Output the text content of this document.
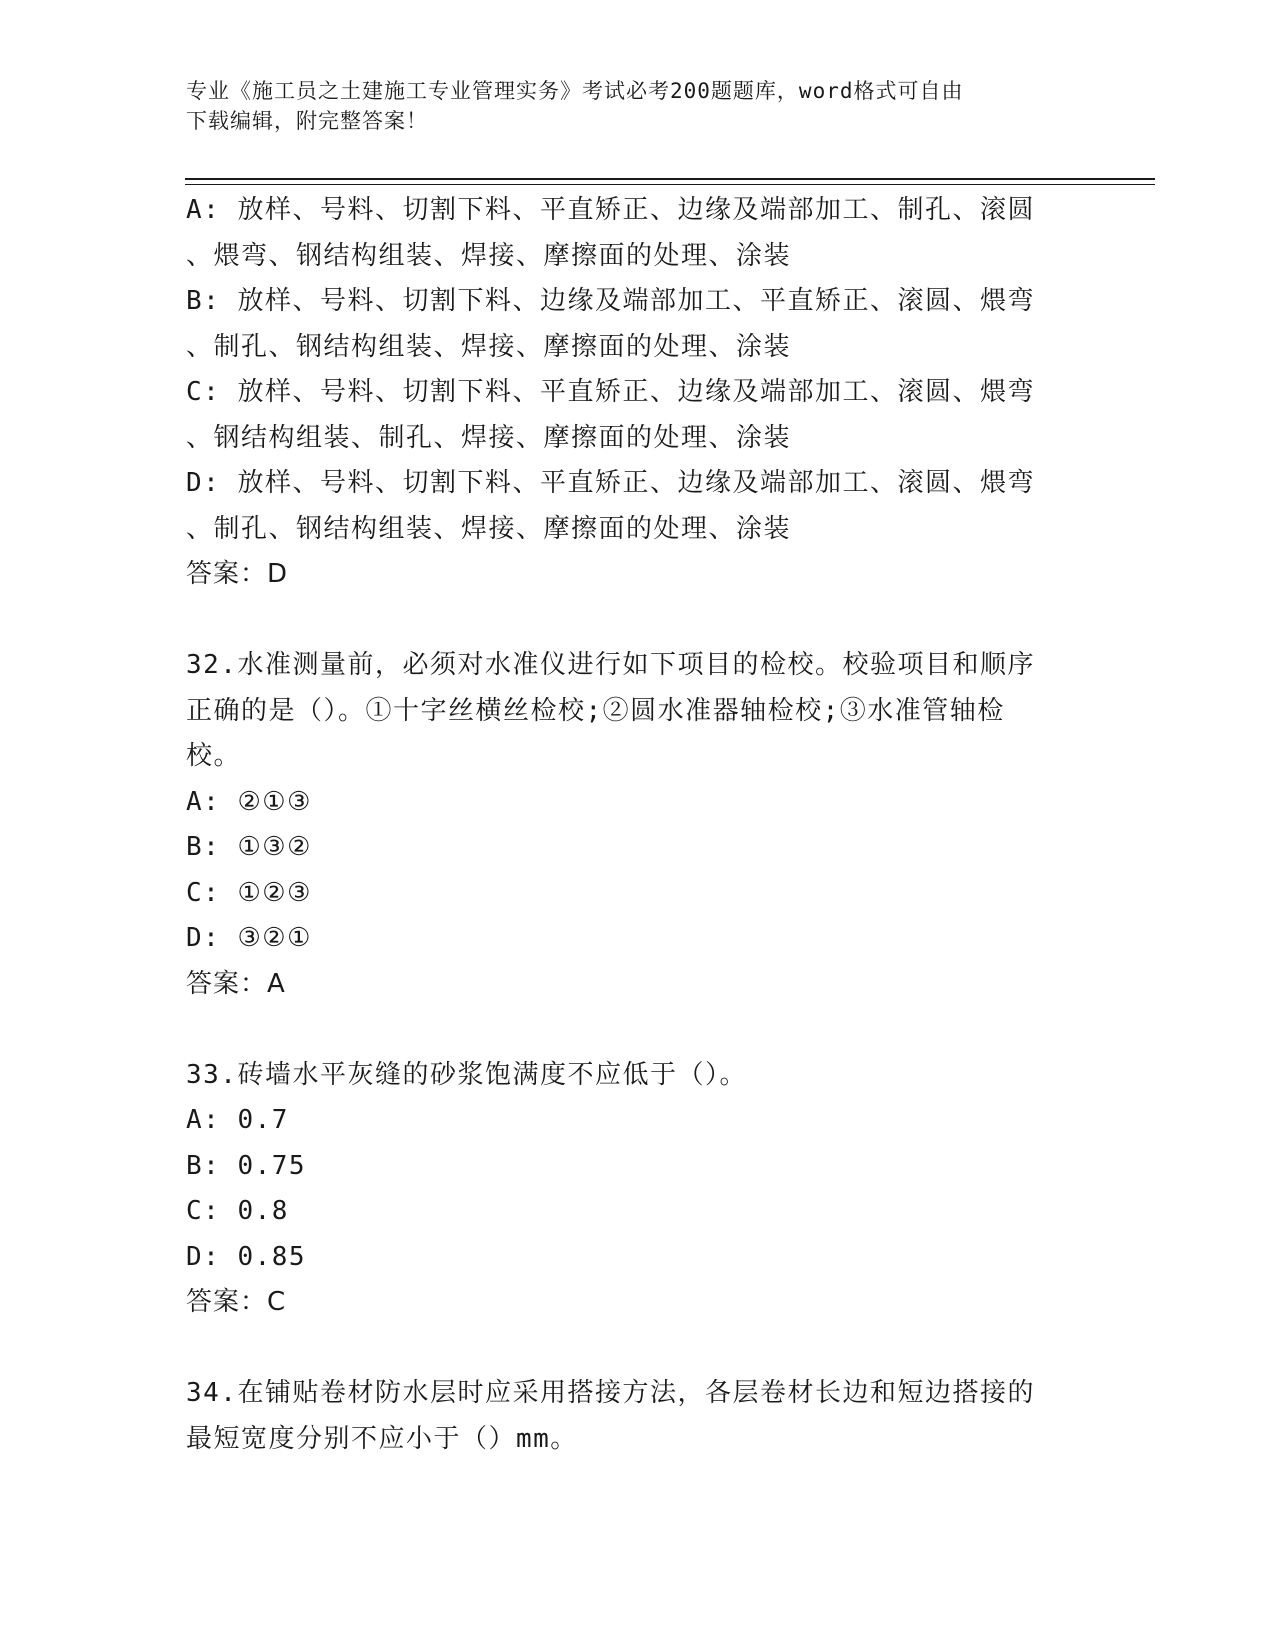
专业《施工员之土建施工专业管理实务》考试必考200题题库，word格式可自由
下载编辑，附完整答案！
A: 放样、号料、切割下料、平直矫正、边缘及端部加工、制孔、滚圆
、煨弯、钢结构组装、焊接、摩擦面的处理、涂装
B: 放样、号料、切割下料、边缘及端部加工、平直矫正、滚圆、煨弯
、制孔、钢结构组装、焊接、摩擦面的处理、涂装
C: 放样、号料、切割下料、平直矫正、边缘及端部加工、滚圆、煨弯
、钢结构组装、制孔、焊接、摩擦面的处理、涂装
D: 放样、号料、切割下料、平直矫正、边缘及端部加工、滚圆、煨弯
、制孔、钢结构组装、焊接、摩擦面的处理、涂装
答案：D
32.水准测量前，必须对水准仪进行如下项目的检校。校验项目和顺序
正确的是（）。①十字丝横丝检校;②圆水准器轴检校;③水准管轴检
校。
A: ②①③
B: ①③②
C: ①②③
D: ③②①
答案：A
33.砖墙水平灰缝的砂浆饱满度不应低于（）。
A: 0.7
B: 0.75
C: 0.8
D: 0.85
答案：C
34.在铺贴卷材防水层时应采用搭接方法，各层卷材长边和短边搭接的
最短宽度分别不应小于（）mm。
